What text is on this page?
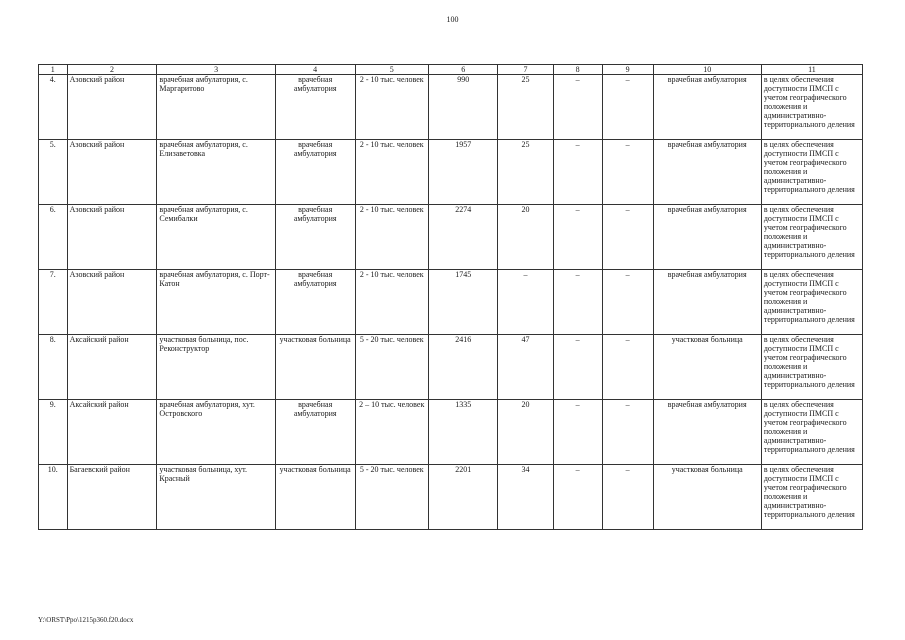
100
1	2	3	4	5	6	7	8	9	10	11
4.	Азовский район	врачебная амбулатория, с. Маргаритово	врачебная амбулатория	2 - 10 тыс. человек	990	25	–	–	врачебная амбулатория	в целях обеспечения доступности ПМСП с учетом географического положения и административно-территориального деления
5.	Азовский район	врачебная амбулатория, с. Елизаветовка	врачебная амбулатория	2 - 10 тыс. человек	1957	25	–	–	врачебная амбулатория	в целях обеспечения доступности ПМСП с учетом географического положения и административно-территориального деления
6.	Азовский район	врачебная амбулатория, с. Семибалки	врачебная амбулатория	2 - 10 тыс. человек	2274	20	–	–	врачебная амбулатория	в целях обеспечения доступности ПМСП с учетом географического положения и административно-территориального деления
7.	Азовский район	врачебная амбулатория, с. Порт-Катон	врачебная амбулатория	2 - 10 тыс. человек	1745	–	–	–	врачебная амбулатория	в целях обеспечения доступности ПМСП с учетом географического положения и административно-территориального деления
8.	Аксайский район	участковая больница, пос. Реконструктор	участковая больница	5 - 20 тыс. человек	2416	47	–	–	участковая больница	в целях обеспечения доступности ПМСП с учетом географического положения и административно-территориального деления
9.	Аксайский район	врачебная амбулатория, хут. Островского	врачебная амбулатория	2 – 10 тыс. человек	1335	20	–	–	врачебная амбулатория	в целях обеспечения доступности ПМСП с учетом географического положения и административно-территориального деления
10.	Багаевский район	участковая больница, хут. Красный	участковая больница	5 - 20 тыс. человек	2201	34	–	–	участковая больница	в целях обеспечения доступности ПМСП с учетом географического положения и административно-территориального деления
Y:\ORST\Ppo\1215p360.f20.docx
